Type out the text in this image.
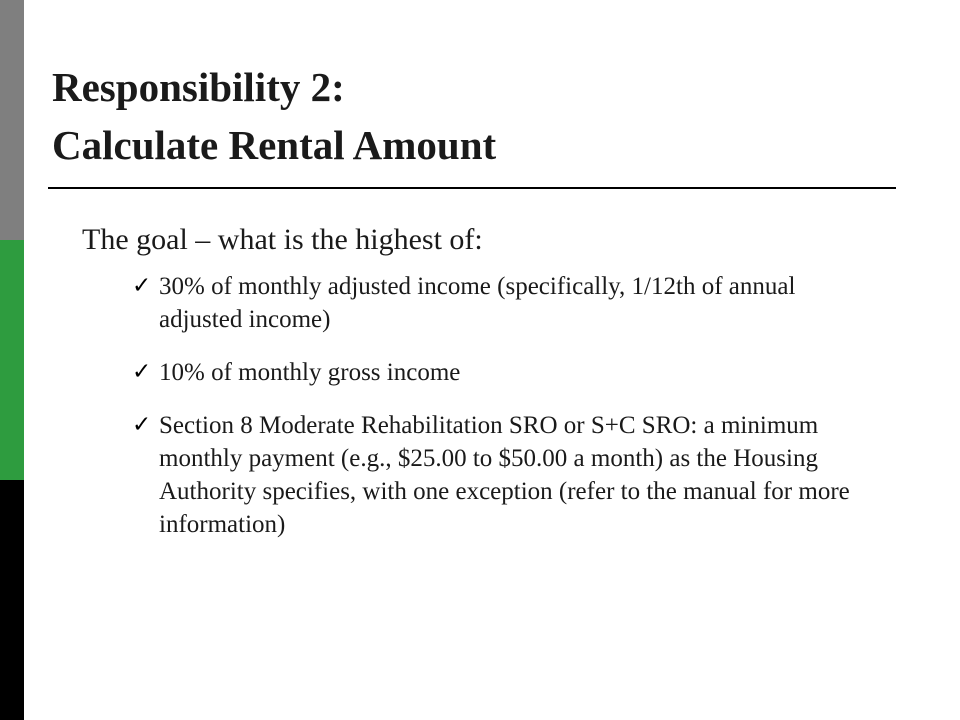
Responsibility 2:
Calculate Rental Amount

The goal – what is the highest of:

✓ 30% of monthly adjusted income (specifically, 1/12th of annual adjusted income)
✓ 10% of monthly gross income
✓ Section 8 Moderate Rehabilitation SRO or S+C SRO: a minimum monthly payment (e.g., $25.00 to $50.00 a month) as the Housing Authority specifies, with one exception (refer to the manual for more information)
